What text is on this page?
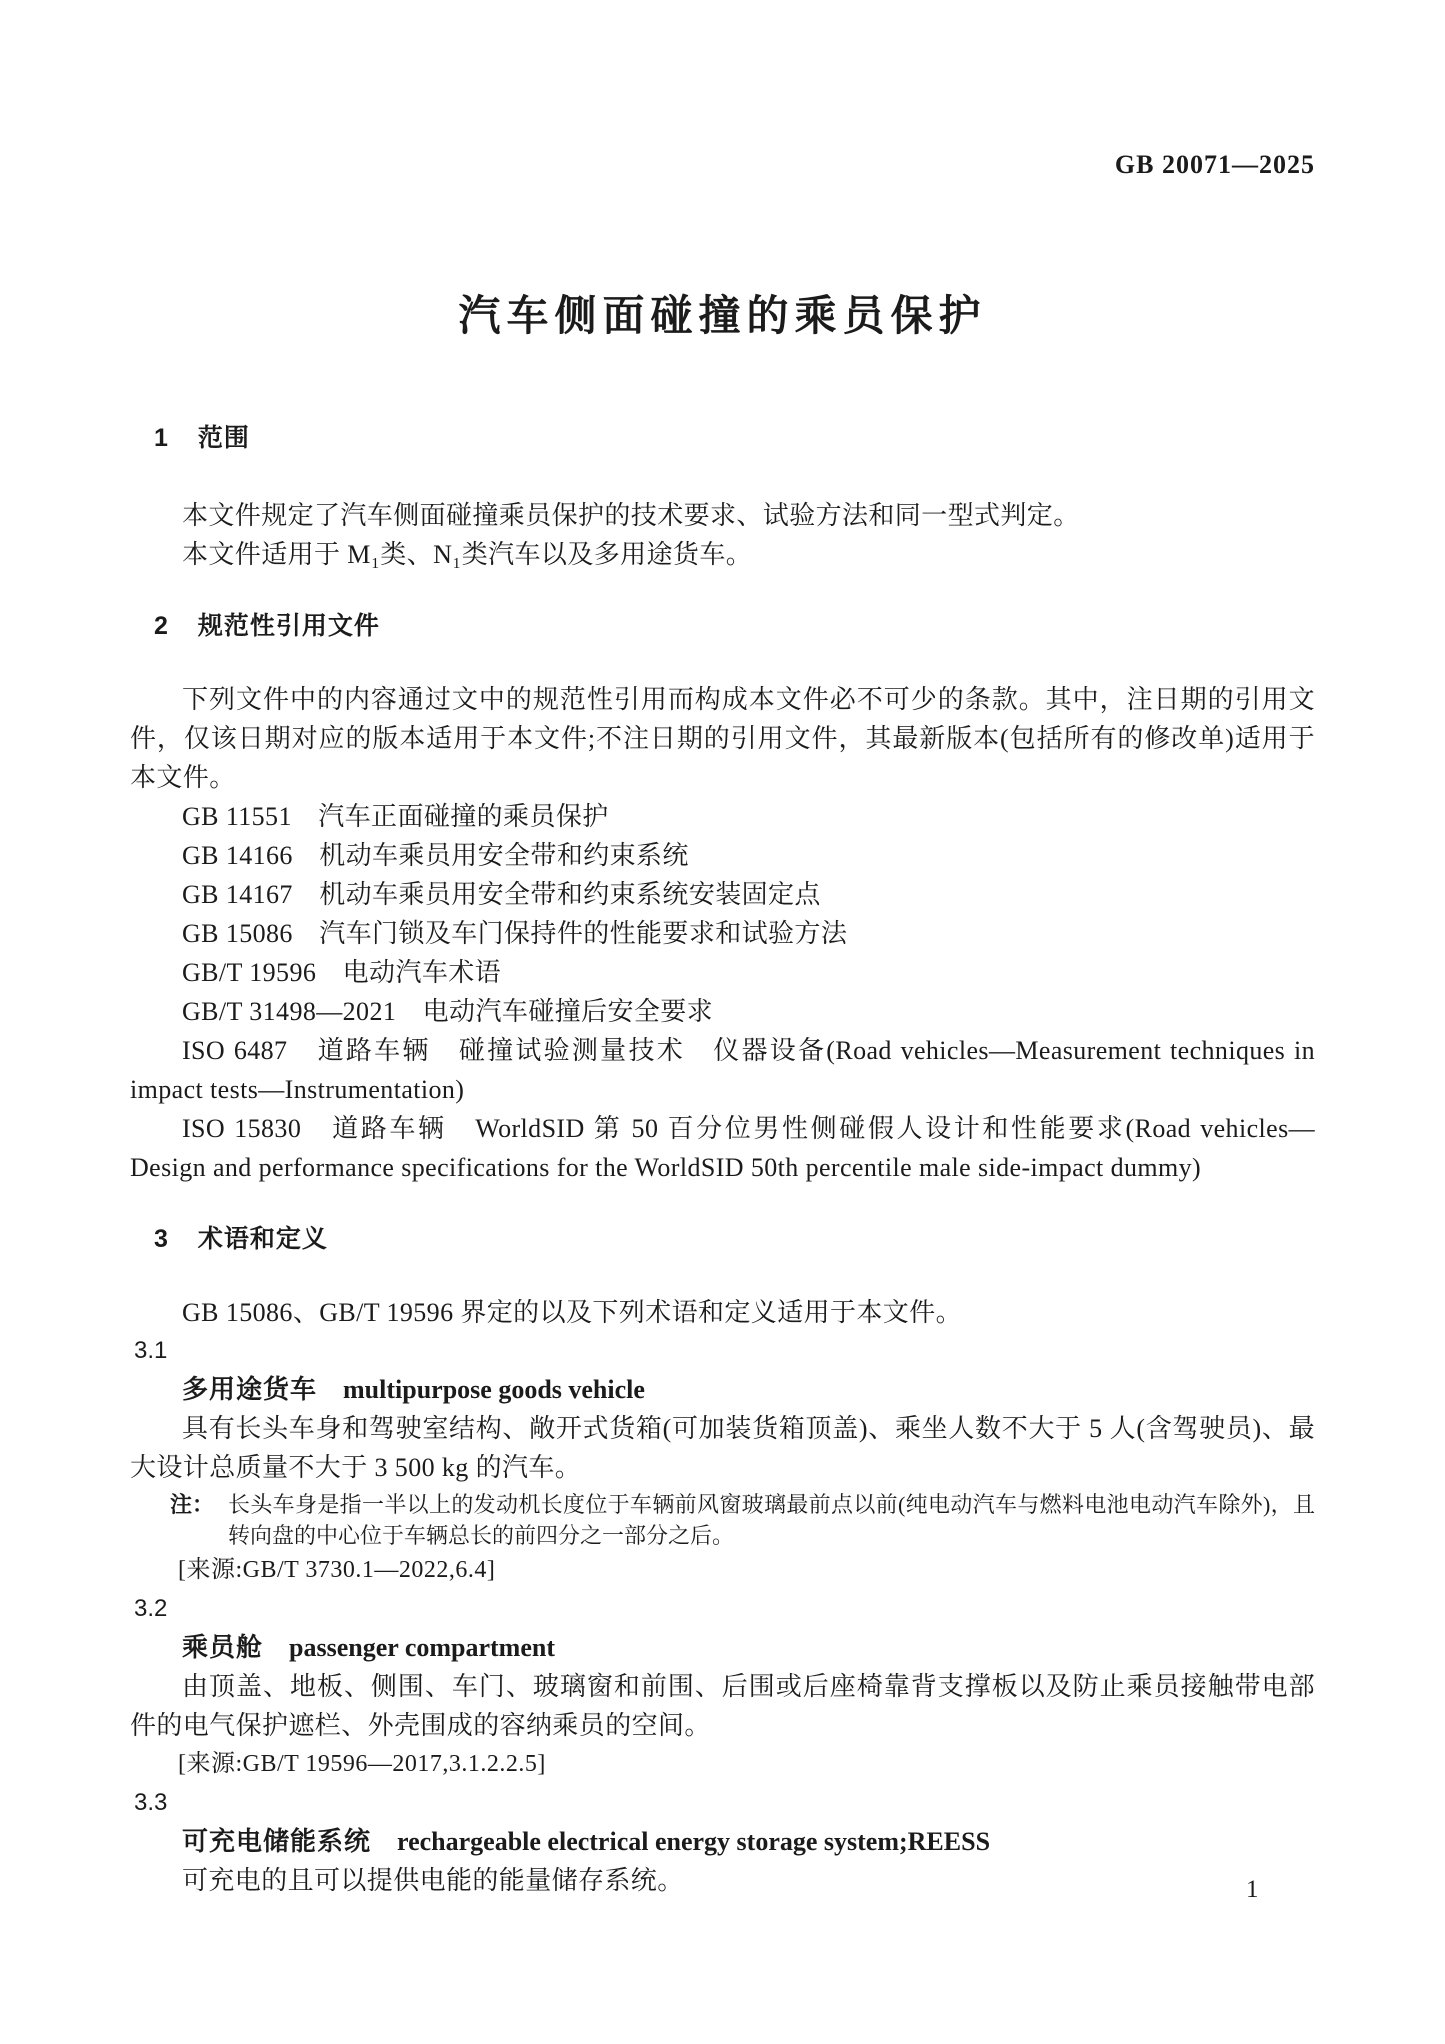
GB 20071—2025
汽车侧面碰撞的乘员保护
1 范围

本文件规定了汽车侧面碰撞乘员保护的技术要求、试验方法和同一型式判定。

本文件适用于 M₁类、N₁类汽车以及多用途货车。

2 规范性引用文件

下列文件中的内容通过文中的规范性引用而构成本文件必不可少的条款。其中，注日期的引用文件，仅该日期对应的版本适用于本文件;不注日期的引用文件，其最新版本(包括所有的修改单)适用于本文件。

GB 11551　汽车正面碰撞的乘员保护

GB 14166　机动车乘员用安全带和约束系统

GB 14167　机动车乘员用安全带和约束系统安装固定点

GB 15086　汽车门锁及车门保持件的性能要求和试验方法

GB/T 19596　电动汽车术语

GB/T 31498—2021　电动汽车碰撞后安全要求

ISO 6487　道路车辆　碰撞试验测量技术　仪器设备(Road vehicles—Measurement techniques in impact tests—Instrumentation)

ISO 15830　道路车辆　WorldSID 第 50 百分位男性侧碰假人设计和性能要求(Road vehicles—Design and performance specifications for the WorldSID 50th percentile male side-impact dummy)

3 术语和定义

GB 15086、GB/T 19596 界定的以及下列术语和定义适用于本文件。

3.1
多用途货车 multipurpose goods vehicle

具有长头车身和驾驶室结构、敞开式货箱(可加装货箱顶盖)、乘坐人数不大于 5 人(含驾驶员)、最大设计总质量不大于 3 500 kg 的汽车。

注： 长头车身是指一半以上的发动机长度位于车辆前风窗玻璃最前点以前(纯电动汽车与燃料电池电动汽车除外)，且转向盘的中心位于车辆总长的前四分之一部分之后。

[来源:GB/T 3730.1—2022,6.4]

3.2
乘员舱 passenger compartment

由顶盖、地板、侧围、车门、玻璃窗和前围、后围或后座椅靠背支撑板以及防止乘员接触带电部件的电气保护遮栏、外壳围成的容纳乘员的空间。

[来源:GB/T 19596—2017,3.1.2.2.5]

3.3
可充电储能系统 rechargeable electrical energy storage system;REESS

可充电的且可以提供电能的能量储存系统。	1
